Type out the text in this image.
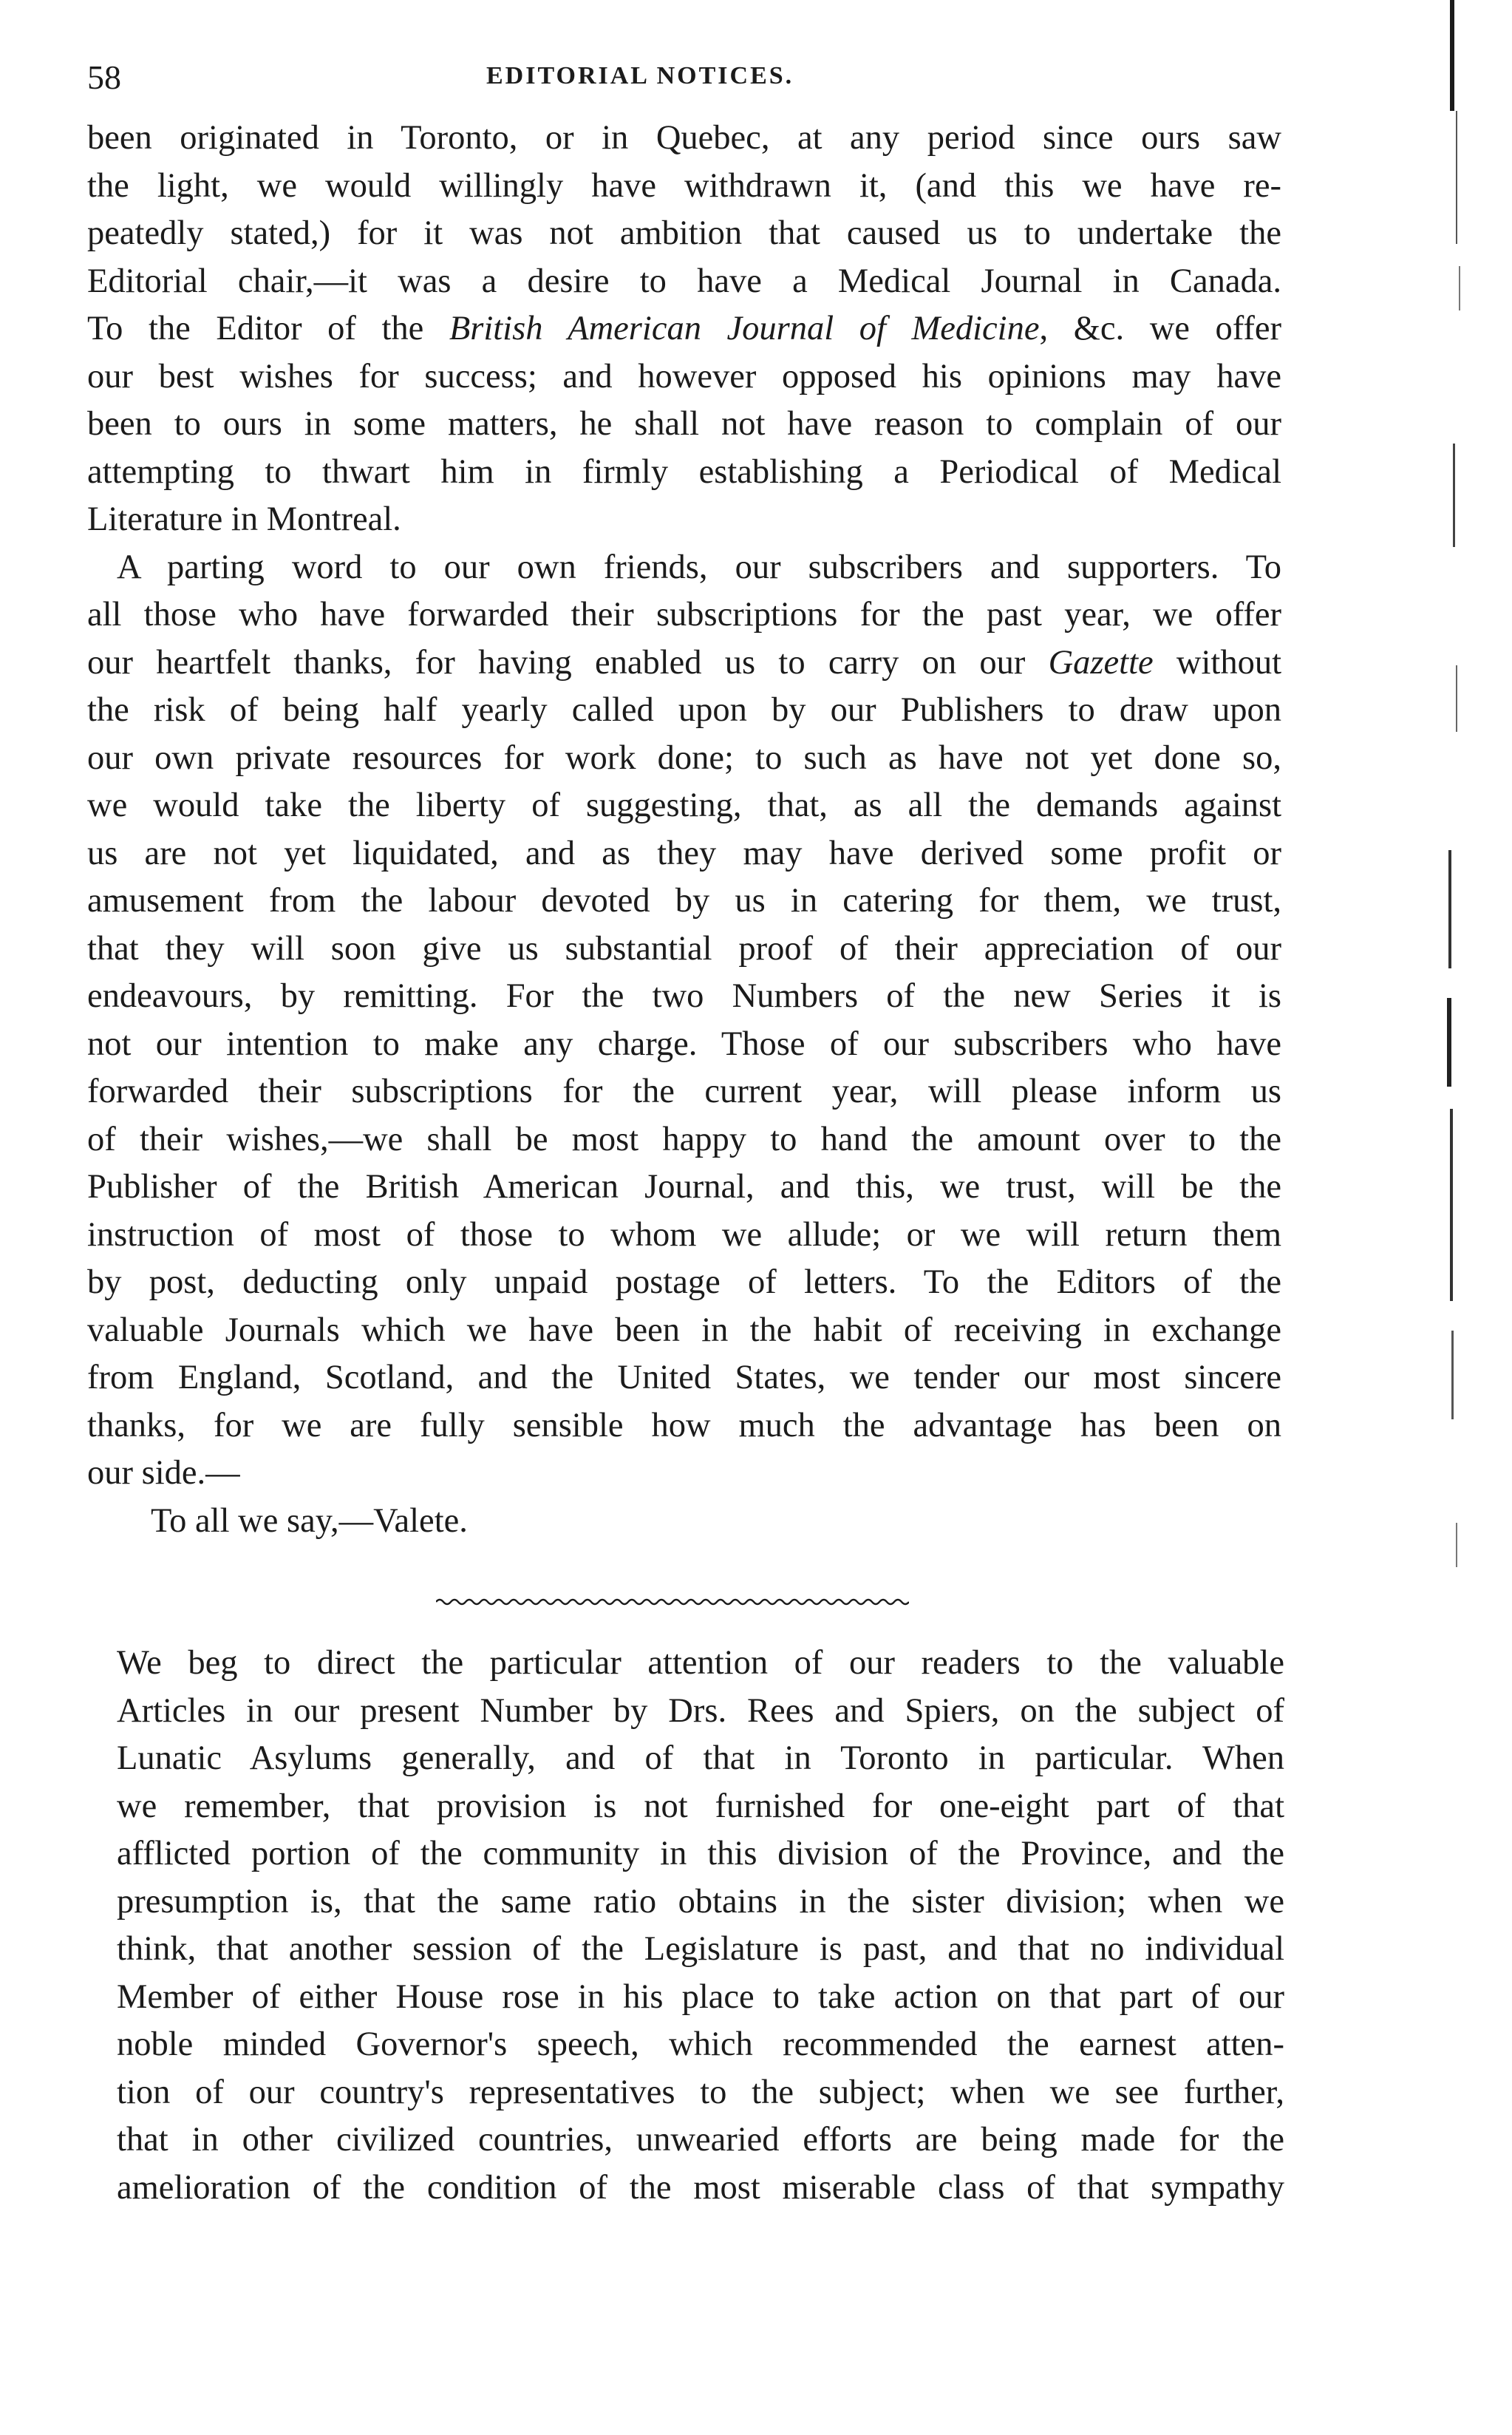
58	EDITORIAL NOTICES.
been originated in Toronto, or in Quebec, at any period since ours saw
the light, we would willingly have withdrawn it, (and this we have re-
peatedly stated,) for it was not ambition that caused us to undertake the
Editorial chair,—it was a desire to have a Medical Journal in Canada.
To the Editor of the British American Journal of Medicine, &c. we offer
our best wishes for success; and however opposed his opinions may have
been to ours in some matters, he shall not have reason to complain of our
attempting to thwart him in firmly establishing a Periodical of Medical
Literature in Montreal.
A parting word to our own friends, our subscribers and supporters. To
all those who have forwarded their subscriptions for the past year, we offer
our heartfelt thanks, for having enabled us to carry on our Gazette without
the risk of being half yearly called upon by our Publishers to draw upon
our own private resources for work done; to such as have not yet done so,
we would take the liberty of suggesting, that, as all the demands against
us are not yet liquidated, and as they may have derived some profit or
amusement from the labour devoted by us in catering for them, we trust,
that they will soon give us substantial proof of their appreciation of our
endeavours, by remitting. For the two Numbers of the new Series it is
not our intention to make any charge. Those of our subscribers who have
forwarded their subscriptions for the current year, will please inform us
of their wishes,—we shall be most happy to hand the amount over to the
Publisher of the British American Journal, and this, we trust, will be the
instruction of most of those to whom we allude; or we will return them
by post, deducting only unpaid postage of letters. To the Editors of the
valuable Journals which we have been in the habit of receiving in exchange
from England, Scotland, and the United States, we tender our most sincere
thanks, for we are fully sensible how much the advantage has been on
our side.—
To all we say,—Valete.
We beg to direct the particular attention of our readers to the valuable
Articles in our present Number by Drs. Rees and Spiers, on the subject of
Lunatic Asylums generally, and of that in Toronto in particular. When
we remember, that provision is not furnished for one-eight part of that
afflicted portion of the community in this division of the Province, and the
presumption is, that the same ratio obtains in the sister division; when we
think, that another session of the Legislature is past, and that no individual
Member of either House rose in his place to take action on that part of our
noble minded Governor's speech, which recommended the earnest atten-
tion of our country's representatives to the subject; when we see further,
that in other civilized countries, unwearied efforts are being made for the
amelioration of the condition of the most miserable class of that sympathy
